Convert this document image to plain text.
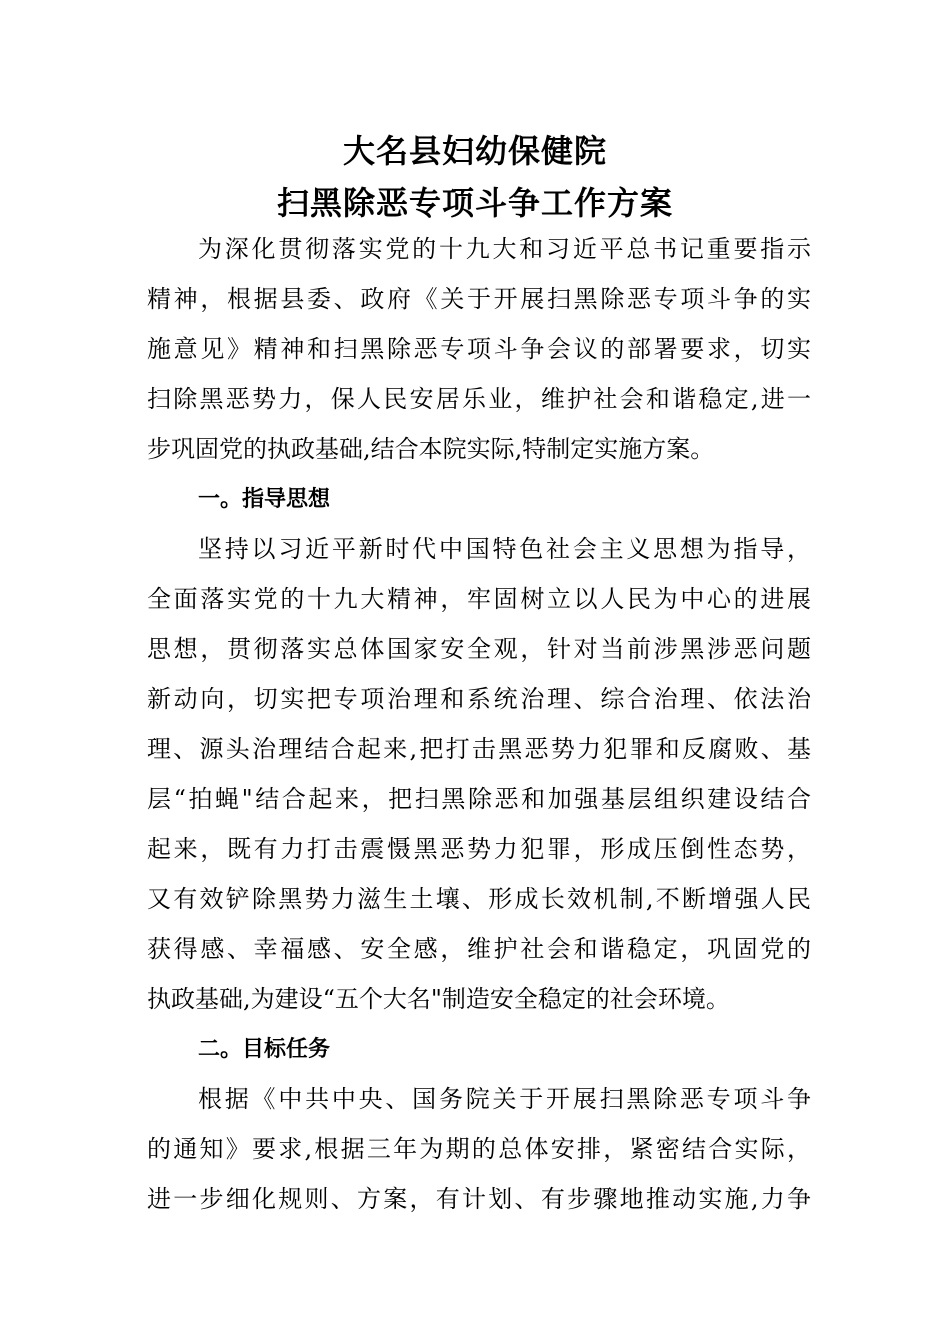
大名县妇幼保健院
扫黑除恶专项斗争工作方案
为深化贯彻落实党的十九大和习近平总书记重要指示
精神，根据县委、政府《关于开展扫黑除恶专项斗争的实
施意见》精神和扫黑除恶专项斗争会议的部署要求，切实
扫除黑恶势力，保人民安居乐业，维护社会和谐稳定,进一
步巩固党的执政基础,结合本院实际,特制定实施方案。
一。指导思想
坚持以习近平新时代中国特色社会主义思想为指导，
全面落实党的十九大精神，牢固树立以人民为中心的进展
思想，贯彻落实总体国家安全观，针对当前涉黑涉恶问题
新动向，切实把专项治理和系统治理、综合治理、依法治
理、源头治理结合起来,把打击黑恶势力犯罪和反腐败、基
层“拍蝇"结合起来，把扫黑除恶和加强基层组织建设结合
起来，既有力打击震慑黑恶势力犯罪，形成压倒性态势，
又有效铲除黑势力滋生土壤、形成长效机制,不断增强人民
获得感、幸福感、安全感，维护社会和谐稳定，巩固党的
执政基础,为建设“五个大名"制造安全稳定的社会环境。
二。目标任务
根据《中共中央、国务院关于开展扫黑除恶专项斗争
的通知》要求,根据三年为期的总体安排，紧密结合实际，
进一步细化规则、方案，有计划、有步骤地推动实施,力争
